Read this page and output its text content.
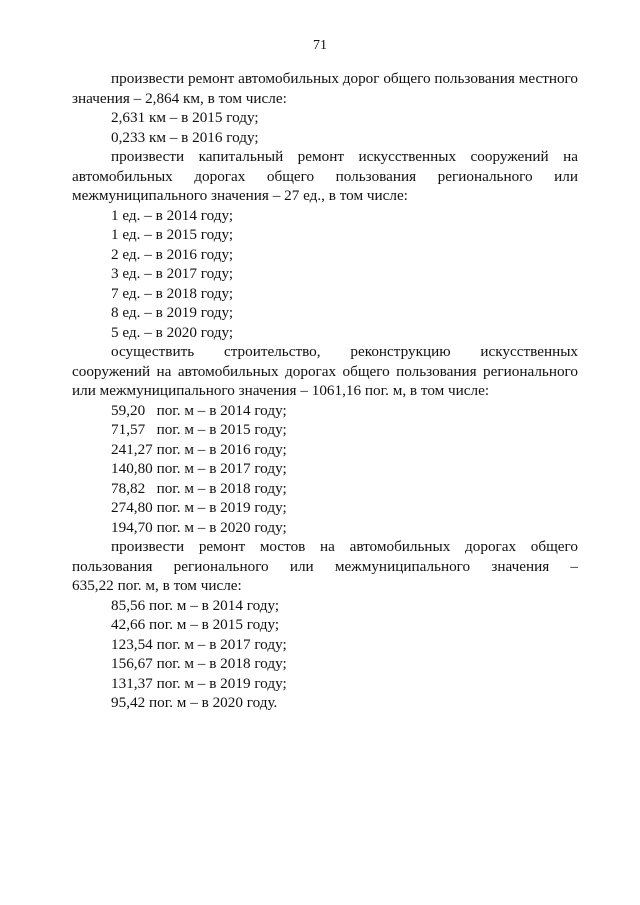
71
произвести ремонт автомобильных дорог общего пользования местного
значения – 2,864 км, в том числе:
2,631 км – в 2015 году;
0,233 км – в 2016 году;
произвести капитальный ремонт искусственных сооружений на
автомобильных дорогах общего пользования регионального или
межмуниципального значения – 27 ед., в том числе:
1 ед. – в 2014 году;
1 ед. – в 2015 году;
2 ед. – в 2016 году;
3 ед. – в 2017 году;
7 ед. – в 2018 году;
8 ед. – в 2019 году;
5 ед. – в 2020 году;
осуществить строительство, реконструкцию искусственных
сооружений на автомобильных дорогах общего пользования регионального
или межмуниципального значения – 1061,16 пог. м, в том числе:
59,20   пог. м – в 2014 году;
71,57   пог. м – в 2015 году;
241,27 пог. м – в 2016 году;
140,80 пог. м – в 2017 году;
78,82   пог. м – в 2018 году;
274,80 пог. м – в 2019 году;
194,70 пог. м – в 2020 году;
произвести ремонт мостов на автомобильных дорогах общего
пользования регионального или межмуниципального значения –
635,22 пог. м, в том числе:
85,56 пог. м – в 2014 году;
42,66 пог. м – в 2015 году;
123,54 пог. м – в 2017 году;
156,67 пог. м – в 2018 году;
131,37 пог. м – в 2019 году;
95,42 пог. м – в 2020 году.
